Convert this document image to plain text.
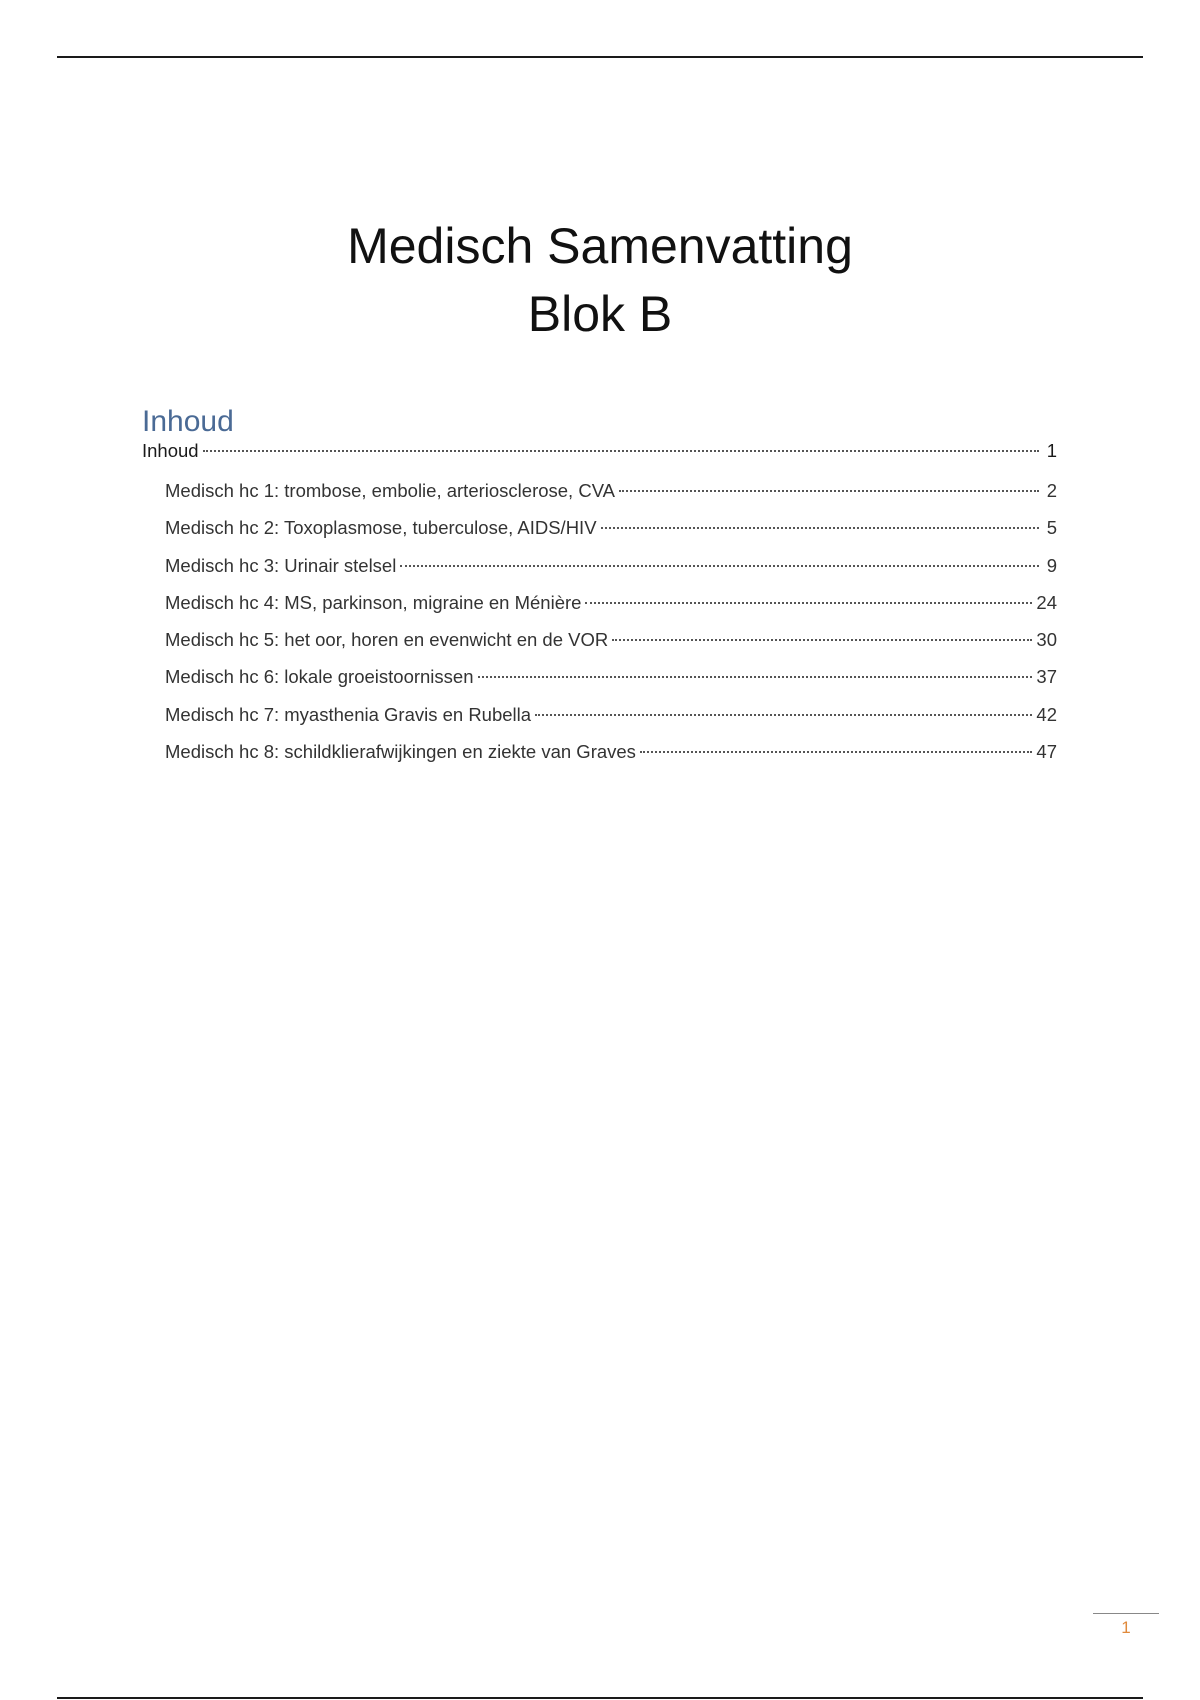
Medisch Samenvatting
Blok B
Inhoud
Inhoud	1
Medisch hc 1: trombose, embolie, arteriosclerose, CVA	2
Medisch hc 2: Toxoplasmose, tuberculose, AIDS/HIV	5
Medisch hc 3: Urinair stelsel	9
Medisch hc 4: MS, parkinson, migraine en Ménière	24
Medisch hc 5: het oor, horen en evenwicht en de VOR	30
Medisch hc 6: lokale groeistoornissen	37
Medisch hc 7: myasthenia Gravis en Rubella	42
Medisch hc 8: schildklierafwijkingen en ziekte van Graves	47
1
